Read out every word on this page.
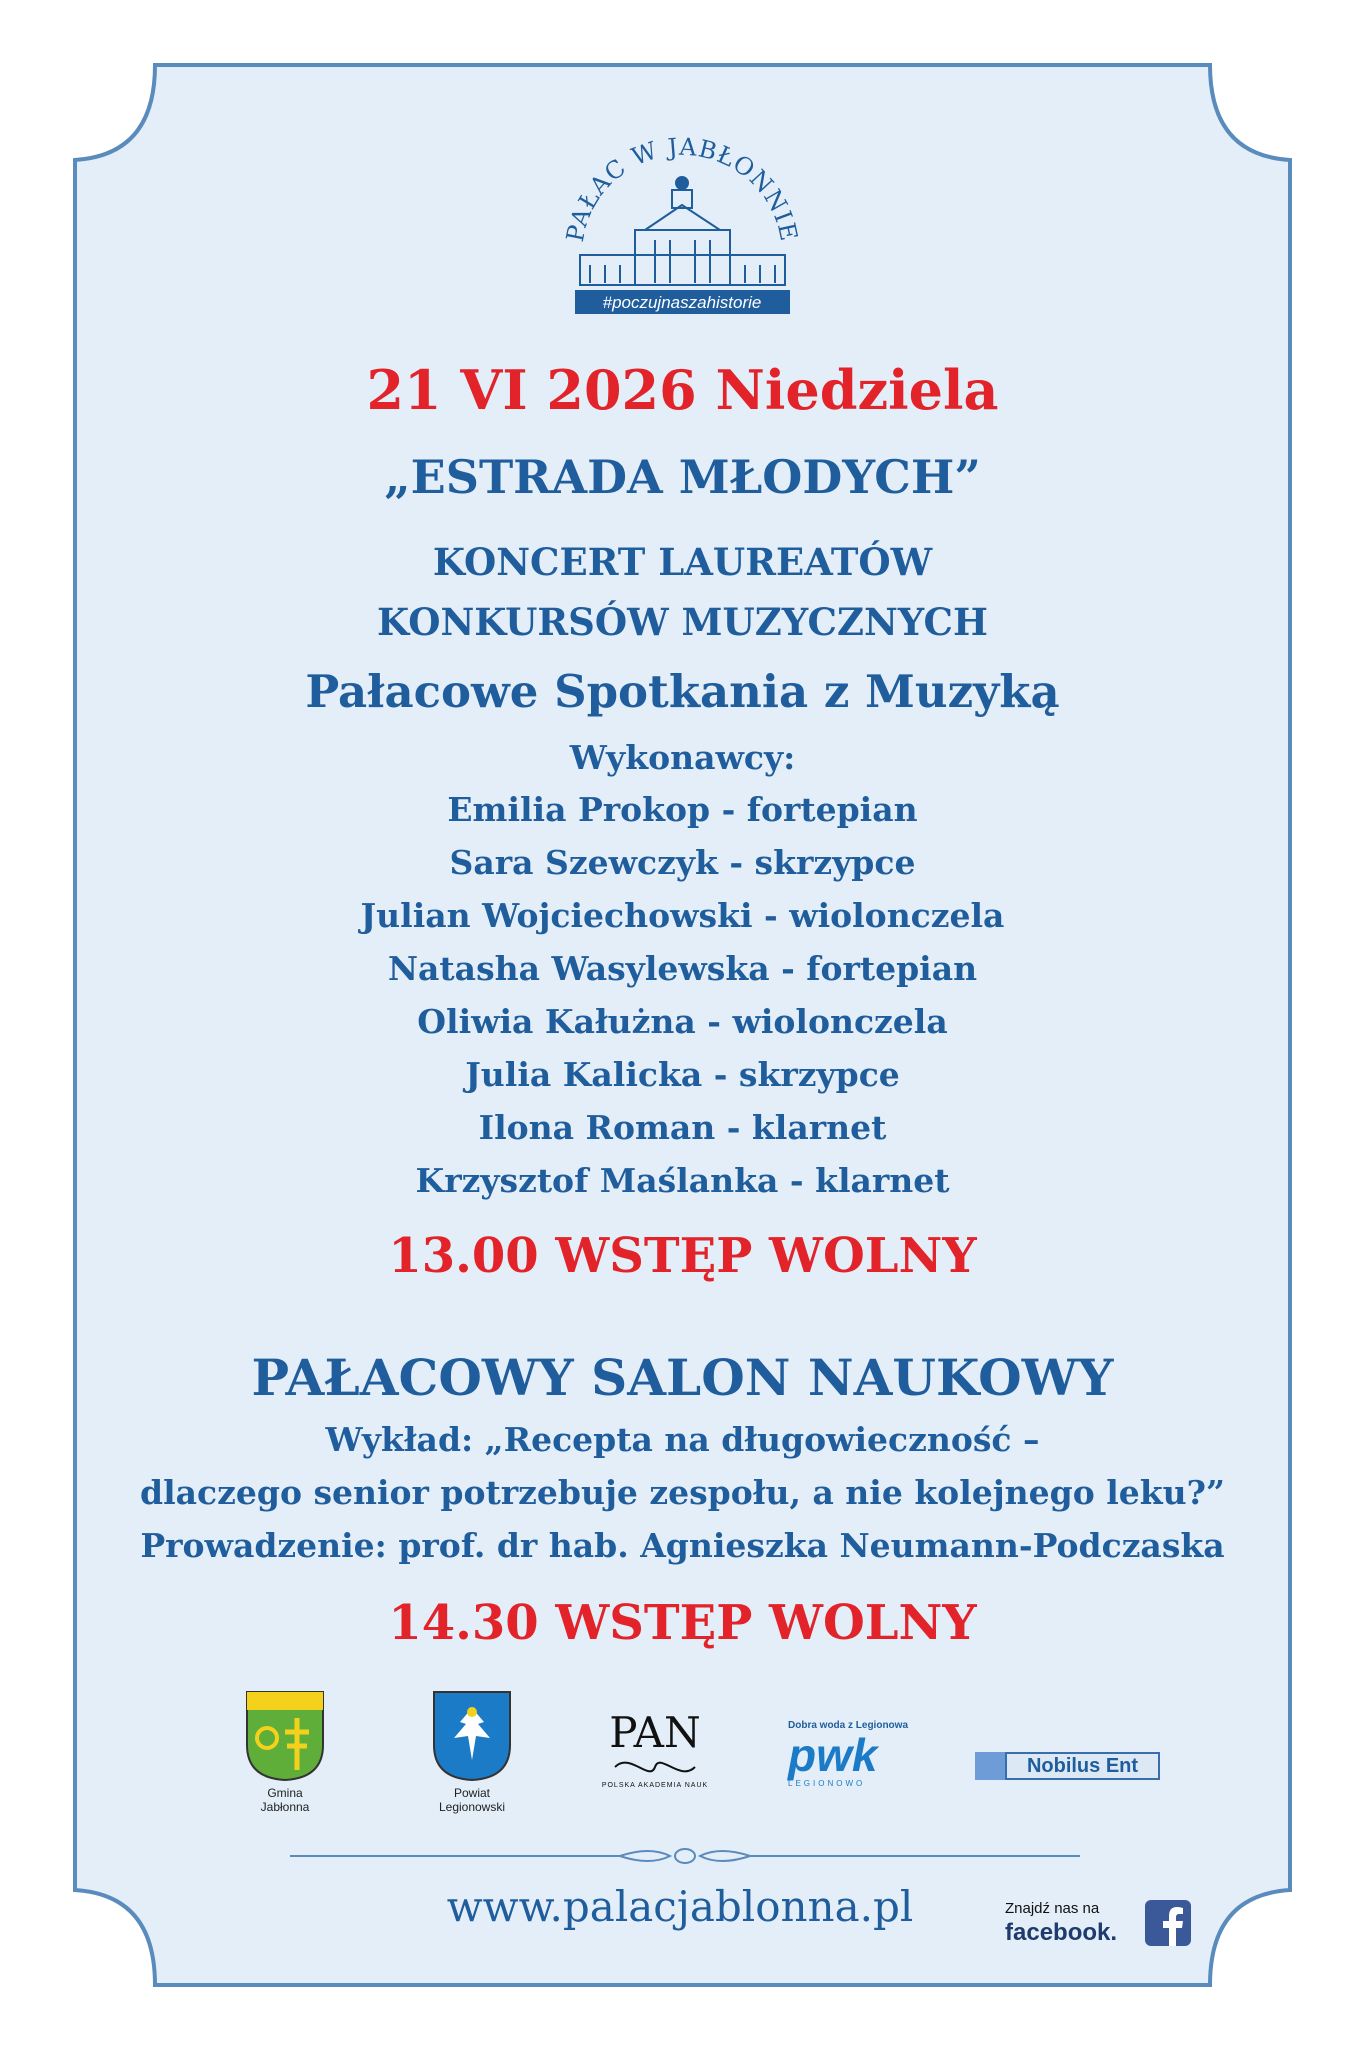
PAŁAC W JABŁONNIE
#poczujnaszahistorie
21 VI 2026 Niedziela
„ESTRADA MŁODYCH”
KONCERT LAUREATÓW
KONKURSÓW MUZYCZNYCH
Pałacowe Spotkania z Muzyką
Wykonawcy:
Emilia Prokop - fortepian
Sara Szewczyk - skrzypce
Julian Wojciechowski - wiolonczela
Natasha Wasylewska - fortepian
Oliwia Kałużna - wiolonczela
Julia Kalicka - skrzypce
Ilona Roman - klarnet
Krzysztof Maślanka - klarnet
13.00 WSTĘP WOLNY
PAŁACOWY SALON NAUKOWY
Wykład: „Recepta na długowieczność –
dlaczego senior potrzebuje zespołu, a nie kolejnego leku?”
Prowadzenie: prof. dr hab. Agnieszka Neumann-Podczaska
14.30 WSTĘP WOLNY
Gmina
Jabłonna
Powiat
Legionowski
PAN
POLSKA AKADEMIA NAUK
Dobra woda z Legionowa
pwk
LEGIONOWO
Nobilus Ent
www.palacjablonna.pl	Znajdź nas na
facebook.
